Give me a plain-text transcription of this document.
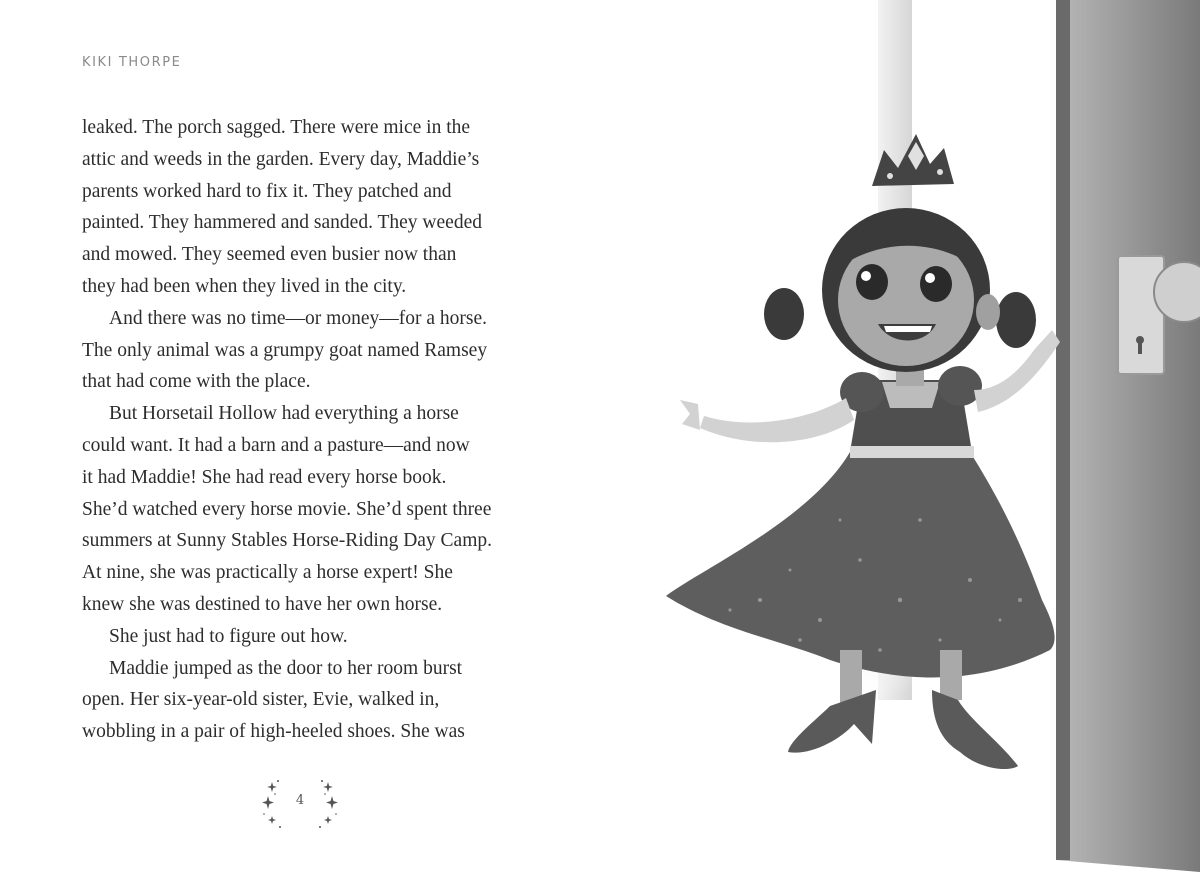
KIKI THORPE
leaked. The porch sagged. There were mice in the
attic and weeds in the garden. Every day, Maddie’s
parents worked hard to fix it. They patched and
painted. They hammered and sanded. They weeded
and mowed. They seemed even busier now than
they had been when they lived in the city.
And there was no time—or money—for a horse.
The only animal was a grumpy goat named Ramsey
that had come with the place.
But Horsetail Hollow had everything a horse
could want. It had a barn and a pasture—and now
it had Maddie! She had read every horse book.
She’d watched every horse movie. She’d spent three
summers at Sunny Stables Horse-Riding Day Camp.
At nine, she was practically a horse expert! She
knew she was destined to have her own horse.
She just had to figure out how.
Maddie jumped as the door to her room burst
open. Her six-year-old sister, Evie, walked in,
wobbling in a pair of high-heeled shoes. She was
4
